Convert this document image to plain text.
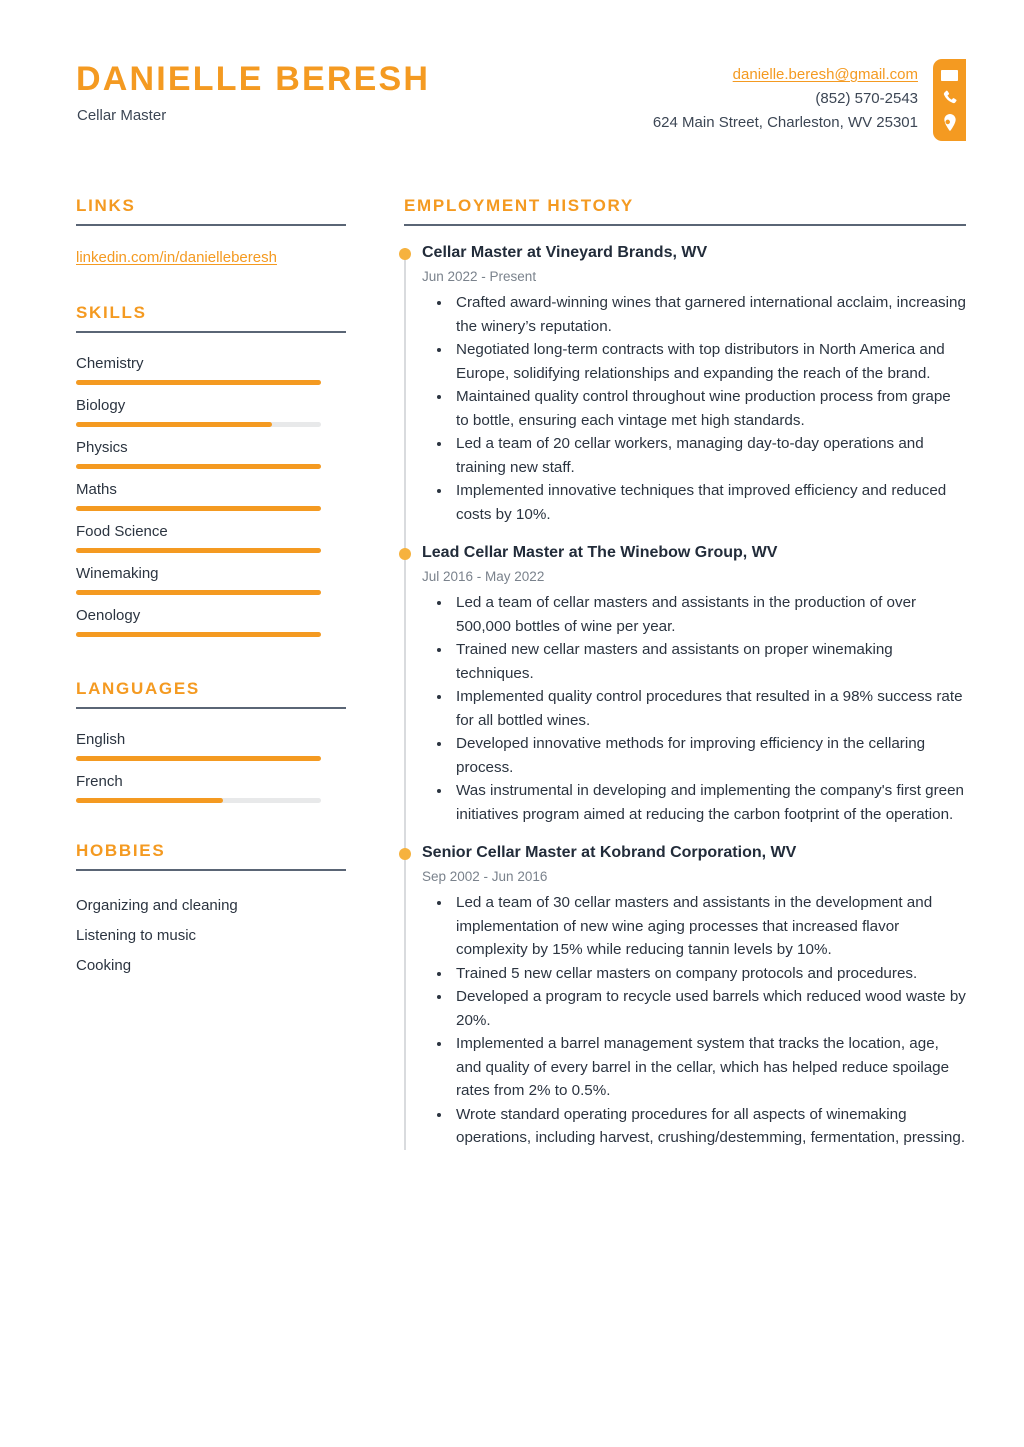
DANIELLE BERESH
Cellar Master
danielle.beresh@gmail.com
(852) 570-2543
624 Main Street, Charleston, WV 25301
LINKS
linkedin.com/in/danielleberesh
SKILLS
Chemistry
Biology
Physics
Maths
Food Science
Winemaking
Oenology
LANGUAGES
English
French
HOBBIES
Organizing and cleaning
Listening to music
Cooking
EMPLOYMENT HISTORY
Cellar Master at Vineyard Brands, WV
Jun 2022 - Present
• Crafted award-winning wines that garnered international acclaim, increasing the winery’s reputation.
• Negotiated long-term contracts with top distributors in North America and Europe, solidifying relationships and expanding the reach of the brand.
• Maintained quality control throughout wine production process from grape to bottle, ensuring each vintage met high standards.
• Led a team of 20 cellar workers, managing day-to-day operations and training new staff.
• Implemented innovative techniques that improved efficiency and reduced costs by 10%.
Lead Cellar Master at The Winebow Group, WV
Jul 2016 - May 2022
• Led a team of cellar masters and assistants in the production of over 500,000 bottles of wine per year.
• Trained new cellar masters and assistants on proper winemaking techniques.
• Implemented quality control procedures that resulted in a 98% success rate for all bottled wines.
• Developed innovative methods for improving efficiency in the cellaring process.
• Was instrumental in developing and implementing the company's first green initiatives program aimed at reducing the carbon footprint of the operation.
Senior Cellar Master at Kobrand Corporation, WV
Sep 2002 - Jun 2016
• Led a team of 30 cellar masters and assistants in the development and implementation of new wine aging processes that increased flavor complexity by 15% while reducing tannin levels by 10%.
• Trained 5 new cellar masters on company protocols and procedures.
• Developed a program to recycle used barrels which reduced wood waste by 20%.
• Implemented a barrel management system that tracks the location, age, and quality of every barrel in the cellar, which has helped reduce spoilage rates from 2% to 0.5%.
• Wrote standard operating procedures for all aspects of winemaking operations, including harvest, crushing/destemming, fermentation, pressing.
